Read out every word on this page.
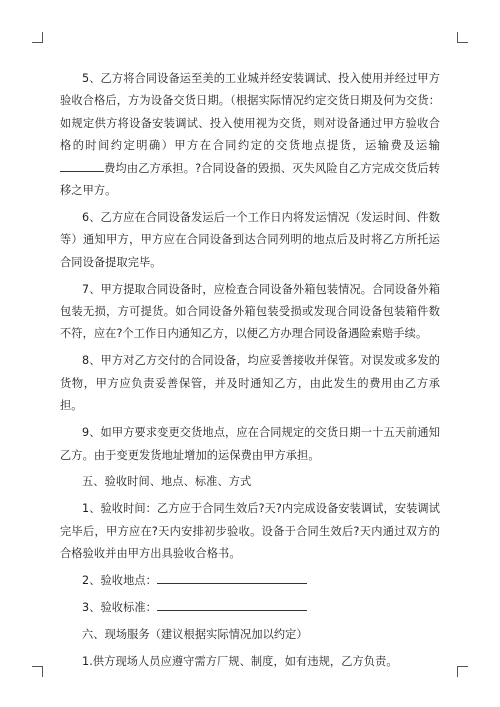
5、乙方将合同设备运至美的工业城并经安装调试、投入使用并经过甲方验收合格后，方为设备交货日期。（根据实际情况约定交货日期及何为交货：如规定供方将设备安装调试、投入使用视为交货，则对设备通过甲方验收合格的时间约定明确）甲方在合同约定的交货地点提货，运输费及运输费均由乙方承担。?合同设备的毁损、灭失风险自乙方完成交货后转移之甲方。

6、乙方应在合同设备发运后一个工作日内将发运情况（发运时间、件数等）通知甲方，甲方应在合同设备到达合同列明的地点后及时将乙方所托运合同设备提取完毕。

7、甲方提取合同设备时，应检查合同设备外箱包装情况。合同设备外箱包装无损，方可提货。如合同设备外箱包装受损或发现合同设备包装箱件数不符，应在?个工作日内通知乙方，以便乙方办理合同设备遇险索赔手续。

8、甲方对乙方交付的合同设备，均应妥善接收并保管。对误发或多发的货物，甲方应负责妥善保管，并及时通知乙方，由此发生的费用由乙方承担。

9、如甲方要求变更交货地点，应在合同规定的交货日期一十五天前通知乙方。由于变更发货地址增加的运保费由甲方承担。

五、验收时间、地点、标准、方式

1、验收时间：乙方应于合同生效后?天?内完成设备安装调试，安装调试完毕后，甲方应在?天内安排初步验收。设备于合同生效后?天内通过双方的合格验收并由甲方出具验收合格书。

2、验收地点：

3、验收标准：

六、现场服务（建议根据实际情况加以约定）

1.供方现场人员应遵守需方厂规、制度，如有违规，乙方负责。
